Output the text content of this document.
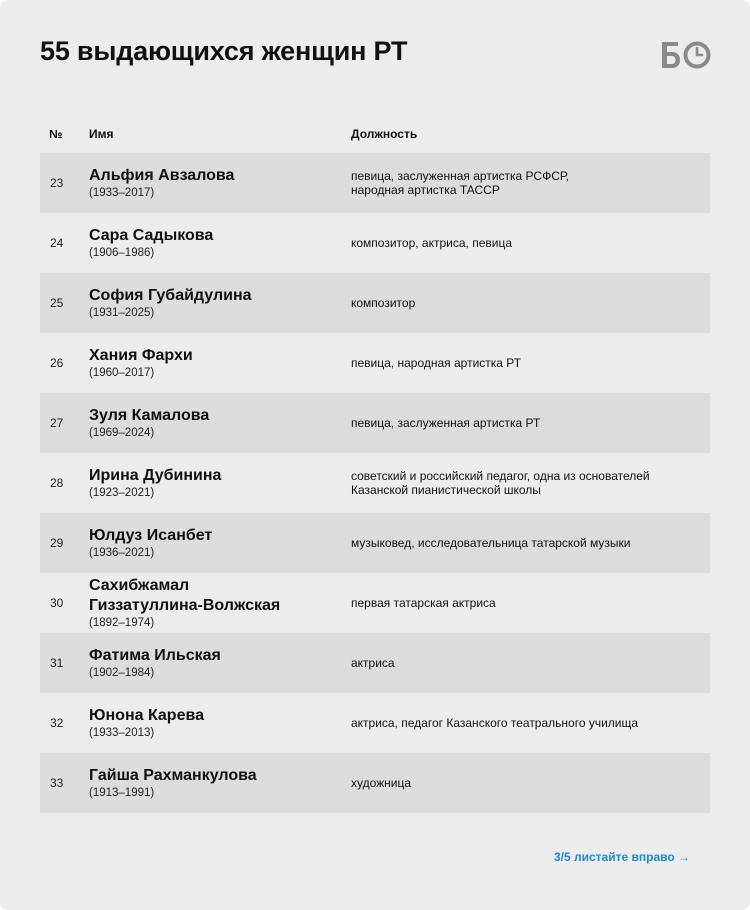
55 выдающихся женщин РТ
№ Имя	Должность
23 Альфия Авзалова
(1933–2017)
певица, заслуженная артистка РСФСР,
народная артистка ТАССР
24 Сара Садыкова
(1906–1986)
композитор, актриса, певица
25 София Губайдулина
(1931–2025)
композитор
26 Хания Фархи
(1960–2017)
певица, народная артистка РТ
27 Зуля Камалова
(1969–2024)
певица, заслуженная артистка РТ
28 Ирина Дубинина
(1923–2021)
советский и российский педагог, одна из основателей
Казанской пианистической школы
29 Юлдуз Исанбет
(1936–2021)
музыковед, исследовательница татарской музыки
30
Сахибжамал
Гиззатуллина-Волжская
(1892–1974)
первая татарская актриса
31 Фатима Ильская
(1902–1984)
актриса
32 Юнона Карева
(1933–2013)
актриса, педагог Казанского театрального училища
33 Гайша Рахманкулова
(1913–1991)
художница
3/5 листайте вправо →
